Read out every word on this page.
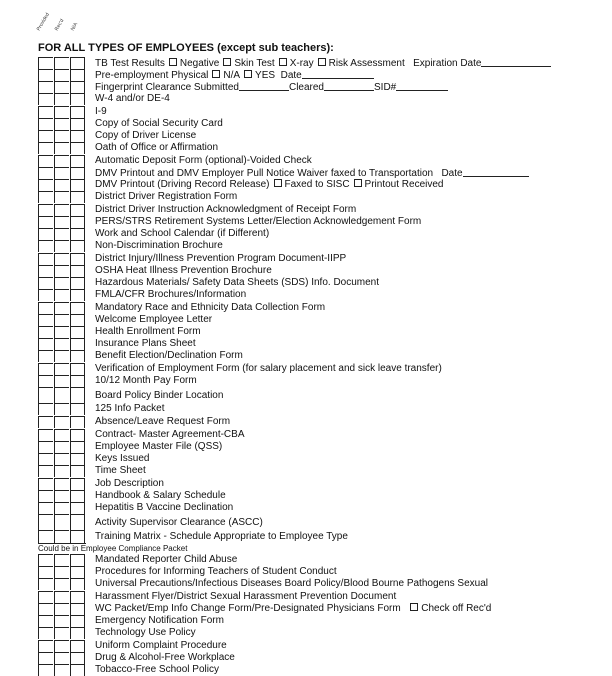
Provided Rec'd N/A
FOR ALL TYPES OF EMPLOYEES (except sub teachers):
TB Test Results Negative Skin Test X-ray Risk Assessment Expiration Date
Pre-employment Physical N/A YES Date
Fingerprint Clearance Submitted	Cleared	SID#
W-4 and/or DE-4
I-9
Copy of Social Security Card
Copy of Driver License
Oath of Office or Affirmation
Automatic Deposit Form (optional)-Voided Check
DMV Printout and DMV Employer Pull Notice Waiver faxed to Transportation Date
DMV Printout (Driving Record Release) Faxed to SISC Printout Received
District Driver Registration Form
District Driver Instruction Acknowledgment of Receipt Form
PERS/STRS Retirement Systems Letter/Election Acknowledgement Form
Work and School Calendar (if Different)
Non-Discrimination Brochure
District Injury/Illness Prevention Program Document-IIPP
OSHA Heat Illness Prevention Brochure
Hazardous Materials/ Safety Data Sheets (SDS) Info. Document
FMLA/CFR Brochures/Information
Mandatory Race and Ethnicity Data Collection Form
Welcome Employee Letter
Health Enrollment Form
Insurance Plans Sheet
Benefit Election/Declination Form
Verification of Employment Form (for salary placement and sick leave transfer)
10/12 Month Pay Form
Board Policy Binder Location
125 Info Packet
Absence/Leave Request Form
Contract- Master Agreement-CBA
Employee Master File (QSS)
Keys Issued
Time Sheet
Job Description
Handbook & Salary Schedule
Hepatitis B Vaccine Declination
Activity Supervisor Clearance (ASCC)
Training Matrix - Schedule Appropriate to Employee Type
Could be in Employee Compliance Packet
Mandated Reporter Child Abuse
Procedures for Informing Teachers of Student Conduct
Universal Precautions/Infectious Diseases Board Policy/Blood Bourne Pathogens Sexual
Harassment Flyer/District Sexual Harassment Prevention Document
WC Packet/Emp Info Change Form/Pre-Designated Physicians Form Check off Rec'd
Emergency Notification Form
Technology Use Policy
Uniform Complaint Procedure
Drug & Alcohol-Free Workplace
Tobacco-Free School Policy
